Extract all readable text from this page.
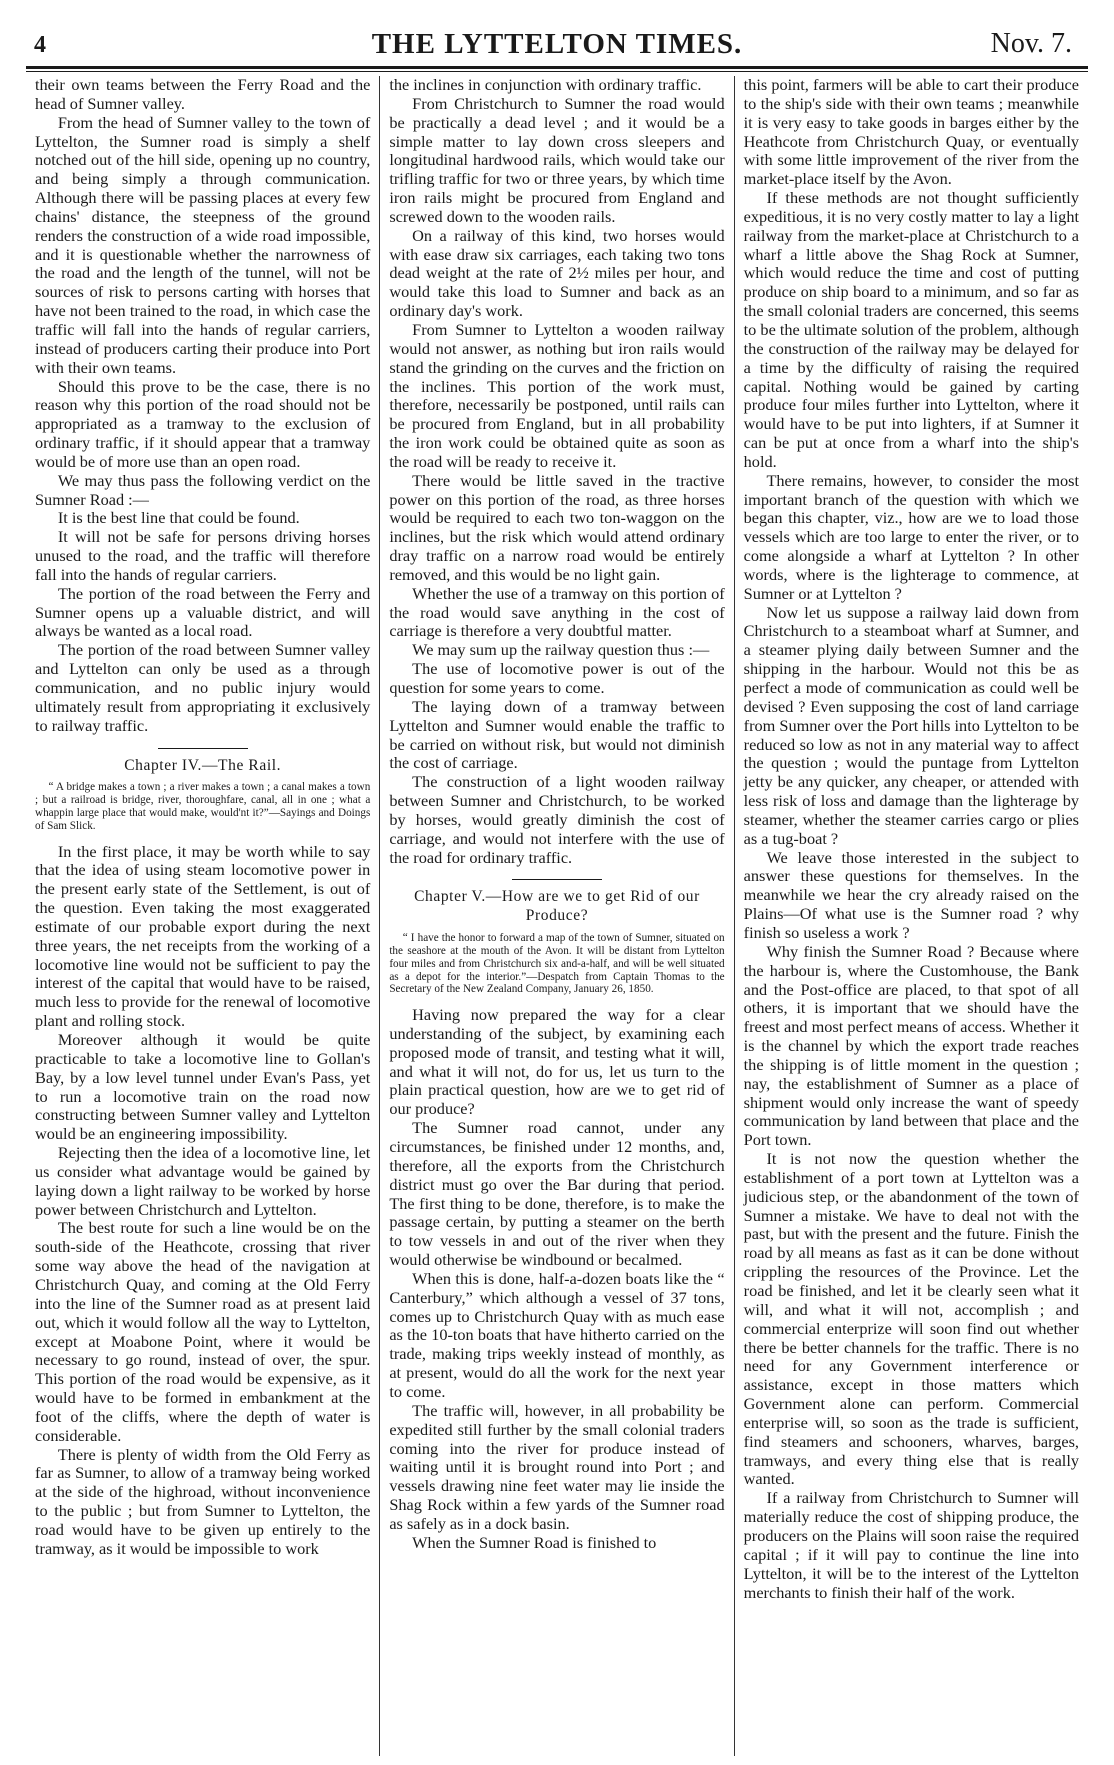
4	THE LYTTELTON TIMES.	Nov. 7.

their own teams between the Ferry Road and the head of Sumner valley.

From the head of Sumner valley to the town of Lyttelton, the Sumner road is simply a shelf notched out of the hill side, opening up no country, and being simply a through communication. Although there will be passing places at every few chains' distance, the steepness of the ground renders the construction of a wide road impossible, and it is questionable whether the narrowness of the road and the length of the tunnel, will not be sources of risk to persons carting with horses that have not been trained to the road, in which case the traffic will fall into the hands of regular carriers, instead of producers carting their produce into Port with their own teams.

Should this prove to be the case, there is no reason why this portion of the road should not be appropriated as a tramway to the exclusion of ordinary traffic, if it should appear that a tramway would be of more use than an open road.

We may thus pass the following verdict on the Sumner Road :—

It is the best line that could be found.

It will not be safe for persons driving horses unused to the road, and the traffic will therefore fall into the hands of regular carriers.

The portion of the road between the Ferry and Sumner opens up a valuable district, and will always be wanted as a local road.

The portion of the road between Sumner valley and Lyttelton can only be used as a through communication, and no public injury would ultimately result from appropriating it exclusively to railway traffic.

Chapter IV.—The Rail.
“ A bridge makes a town ; a river makes a town ; a canal makes a town ; but a railroad is bridge, river, thoroughfare, canal, all in one ; what a whappin large place that would make, would'nt it?”—Sayings and Doings of Sam Slick.

In the first place, it may be worth while to say that the idea of using steam locomotive power in the present early state of the Settlement, is out of the question. Even taking the most exaggerated estimate of our probable export during the next three years, the net receipts from the working of a locomotive line would not be sufficient to pay the interest of the capital that would have to be raised, much less to provide for the renewal of locomotive plant and rolling stock.

Moreover although it would be quite practicable to take a locomotive line to Gollan's Bay, by a low level tunnel under Evan's Pass, yet to run a locomotive train on the road now constructing between Sumner valley and Lyttelton would be an engineering impossibility.

Rejecting then the idea of a locomotive line, let us consider what advantage would be gained by laying down a light railway to be worked by horse power between Christchurch and Lyttelton.

The best route for such a line would be on the south-side of the Heathcote, crossing that river some way above the head of the navigation at Christchurch Quay, and coming at the Old Ferry into the line of the Sumner road as at present laid out, which it would follow all the way to Lyttelton, except at Moabone Point, where it would be necessary to go round, instead of over, the spur. This portion of the road would be expensive, as it would have to be formed in embankment at the foot of the cliffs, where the depth of water is considerable.

There is plenty of width from the Old Ferry as far as Sumner, to allow of a tramway being worked at the side of the highroad, without inconvenience to the public ; but from Sumner to Lyttelton, the road would have to be given up entirely to the tramway, as it would be impossible to work

the inclines in conjunction with ordinary traffic.

From Christchurch to Sumner the road would be practically a dead level ; and it would be a simple matter to lay down cross sleepers and longitudinal hardwood rails, which would take our trifling traffic for two or three years, by which time iron rails might be procured from England and screwed down to the wooden rails.

On a railway of this kind, two horses would with ease draw six carriages, each taking two tons dead weight at the rate of 2½ miles per hour, and would take this load to Sumner and back as an ordinary day's work.

From Sumner to Lyttelton a wooden railway would not answer, as nothing but iron rails would stand the grinding on the curves and the friction on the inclines. This portion of the work must, therefore, necessarily be postponed, until rails can be procured from England, but in all probability the iron work could be obtained quite as soon as the road will be ready to receive it.

There would be little saved in the tractive power on this portion of the road, as three horses would be required to each two ton-waggon on the inclines, but the risk which would attend ordinary dray traffic on a narrow road would be entirely removed, and this would be no light gain.

Whether the use of a tramway on this portion of the road would save anything in the cost of carriage is therefore a very doubtful matter.

We may sum up the railway question thus :—

The use of locomotive power is out of the question for some years to come.

The laying down of a tramway between Lyttelton and Sumner would enable the traffic to be carried on without risk, but would not diminish the cost of carriage.

The construction of a light wooden railway between Sumner and Christchurch, to be worked by horses, would greatly diminish the cost of carriage, and would not interfere with the use of the road for ordinary traffic.

Chapter V.—How are we to get Rid of our Produce?
“ I have the honor to forward a map of the town of Sumner, situated on the seashore at the mouth of the Avon. It will be distant from Lyttelton four miles and from Christchurch six and-a-half, and will be well situated as a depot for the interior.”—Despatch from Captain Thomas to the Secretary of the New Zealand Company, January 26, 1850.

Having now prepared the way for a clear understanding of the subject, by examining each proposed mode of transit, and testing what it will, and what it will not, do for us, let us turn to the plain practical question, how are we to get rid of our produce?

The Sumner road cannot, under any circumstances, be finished under 12 months, and, therefore, all the exports from the Christchurch district must go over the Bar during that period. The first thing to be done, therefore, is to make the passage certain, by putting a steamer on the berth to tow vessels in and out of the river when they would otherwise be windbound or becalmed.

When this is done, half-a-dozen boats like the “ Canterbury,” which although a vessel of 37 tons, comes up to Christchurch Quay with as much ease as the 10-ton boats that have hitherto carried on the trade, making trips weekly instead of monthly, as at present, would do all the work for the next year to come.

The traffic will, however, in all probability be expedited still further by the small colonial traders coming into the river for produce instead of waiting until it is brought round into Port ; and vessels drawing nine feet water may lie inside the Shag Rock within a few yards of the Sumner road as safely as in a dock basin.

When the Sumner Road is finished to

this point, farmers will be able to cart their produce to the ship's side with their own teams ; meanwhile it is very easy to take goods in barges either by the Heathcote from Christchurch Quay, or eventually with some little improvement of the river from the market-place itself by the Avon.

If these methods are not thought sufficiently expeditious, it is no very costly matter to lay a light railway from the market-place at Christchurch to a wharf a little above the Shag Rock at Sumner, which would reduce the time and cost of putting produce on ship board to a minimum, and so far as the small colonial traders are concerned, this seems to be the ultimate solution of the problem, although the construction of the railway may be delayed for a time by the difficulty of raising the required capital. Nothing would be gained by carting produce four miles further into Lyttelton, where it would have to be put into lighters, if at Sumner it can be put at once from a wharf into the ship's hold.

There remains, however, to consider the most important branch of the question with which we began this chapter, viz., how are we to load those vessels which are too large to enter the river, or to come alongside a wharf at Lyttelton ? In other words, where is the lighterage to commence, at Sumner or at Lyttelton ?

Now let us suppose a railway laid down from Christchurch to a steamboat wharf at Sumner, and a steamer plying daily between Sumner and the shipping in the harbour. Would not this be as perfect a mode of communication as could well be devised ? Even supposing the cost of land carriage from Sumner over the Port hills into Lyttelton to be reduced so low as not in any material way to affect the question ; would the puntage from Lyttelton jetty be any quicker, any cheaper, or attended with less risk of loss and damage than the lighterage by steamer, whether the steamer carries cargo or plies as a tug-boat ?

We leave those interested in the subject to answer these questions for themselves. In the meanwhile we hear the cry already raised on the Plains—Of what use is the Sumner road ? why finish so useless a work ?

Why finish the Sumner Road ? Because where the harbour is, where the Customhouse, the Bank and the Post-office are placed, to that spot of all others, it is important that we should have the freest and most perfect means of access. Whether it is the channel by which the export trade reaches the shipping is of little moment in the question ; nay, the establishment of Sumner as a place of shipment would only increase the want of speedy communication by land between that place and the Port town.

It is not now the question whether the establishment of a port town at Lyttelton was a judicious step, or the abandonment of the town of Sumner a mistake. We have to deal not with the past, but with the present and the future. Finish the road by all means as fast as it can be done without crippling the resources of the Province. Let the road be finished, and let it be clearly seen what it will, and what it will not, accomplish ; and commercial enterprize will soon find out whether there be better channels for the traffic. There is no need for any Government interference or assistance, except in those matters which Government alone can perform. Commercial enterprise will, so soon as the trade is sufficient, find steamers and schooners, wharves, barges, tramways, and every thing else that is really wanted.

If a railway from Christchurch to Sumner will materially reduce the cost of shipping produce, the producers on the Plains will soon raise the required capital ; if it will pay to continue the line into Lyttelton, it will be to the interest of the Lyttelton merchants to finish their half of the work.
